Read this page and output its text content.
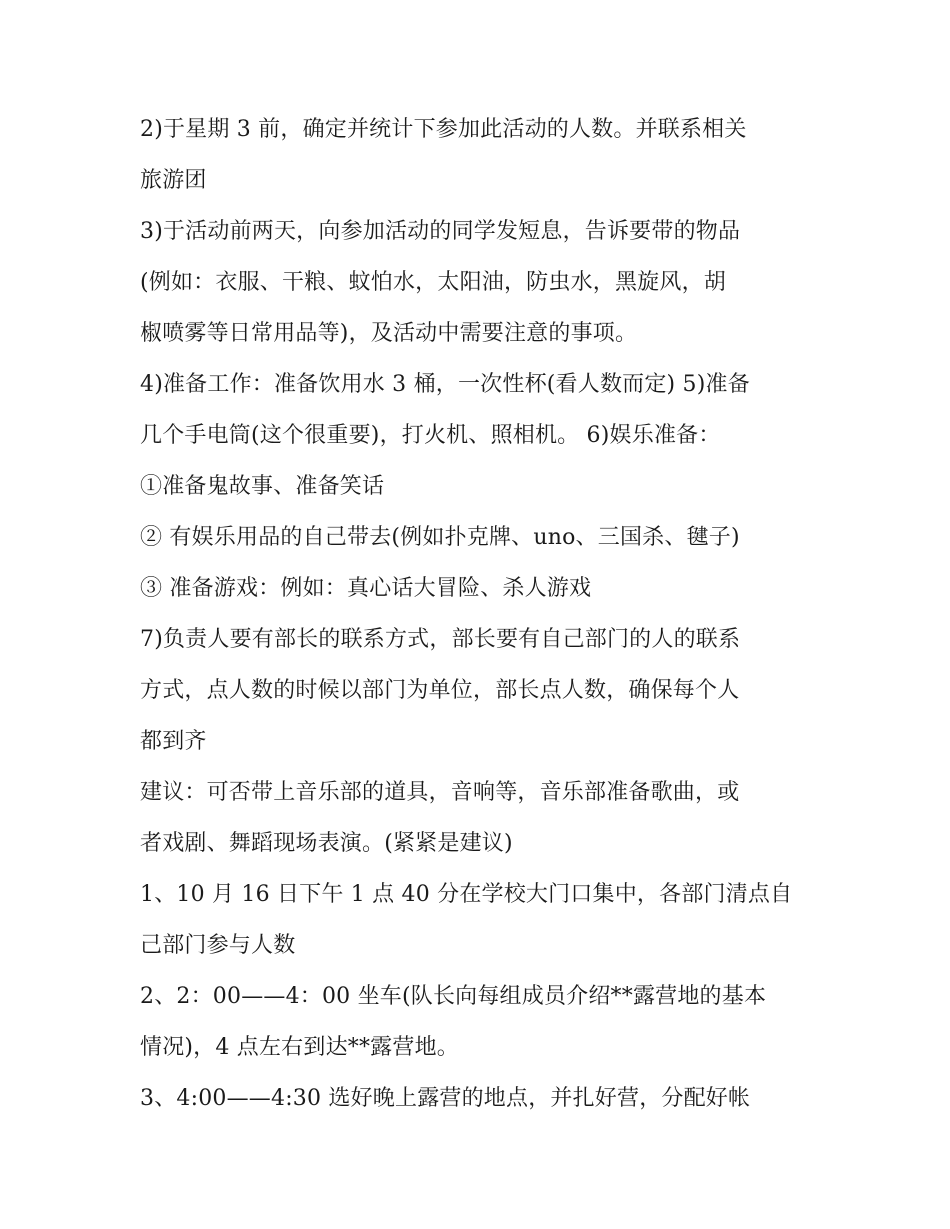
2)于星期 3 前，确定并统计下参加此活动的人数。并联系相关
旅游团
3)于活动前两天，向参加活动的同学发短息，告诉要带的物品
(例如：衣服、干粮、蚊怕水，太阳油，防虫水，黑旋风，胡
椒喷雾等日常用品等)，及活动中需要注意的事项。
4)准备工作：准备饮用水 3 桶，一次性杯(看人数而定) 5)准备
几个手电筒(这个很重要)，打火机、照相机。 6)娱乐准备：
①准备鬼故事、准备笑话
② 有娱乐用品的自己带去(例如扑克牌、uno、三国杀、毽子)
③ 准备游戏：例如：真心话大冒险、杀人游戏
7)负责人要有部长的联系方式，部长要有自己部门的人的联系
方式，点人数的时候以部门为单位，部长点人数，确保每个人
都到齐
建议：可否带上音乐部的道具，音响等，音乐部准备歌曲，或
者戏剧、舞蹈现场表演。(紧紧是建议)
1、10 月 16 日下午 1 点 40 分在学校大门口集中，各部门清点自
己部门参与人数
2、2：00——4：00 坐车(队长向每组成员介绍**露营地的基本
情况)，4 点左右到达**露营地。
3、4:00——4:30 选好晚上露营的地点，并扎好营，分配好帐
